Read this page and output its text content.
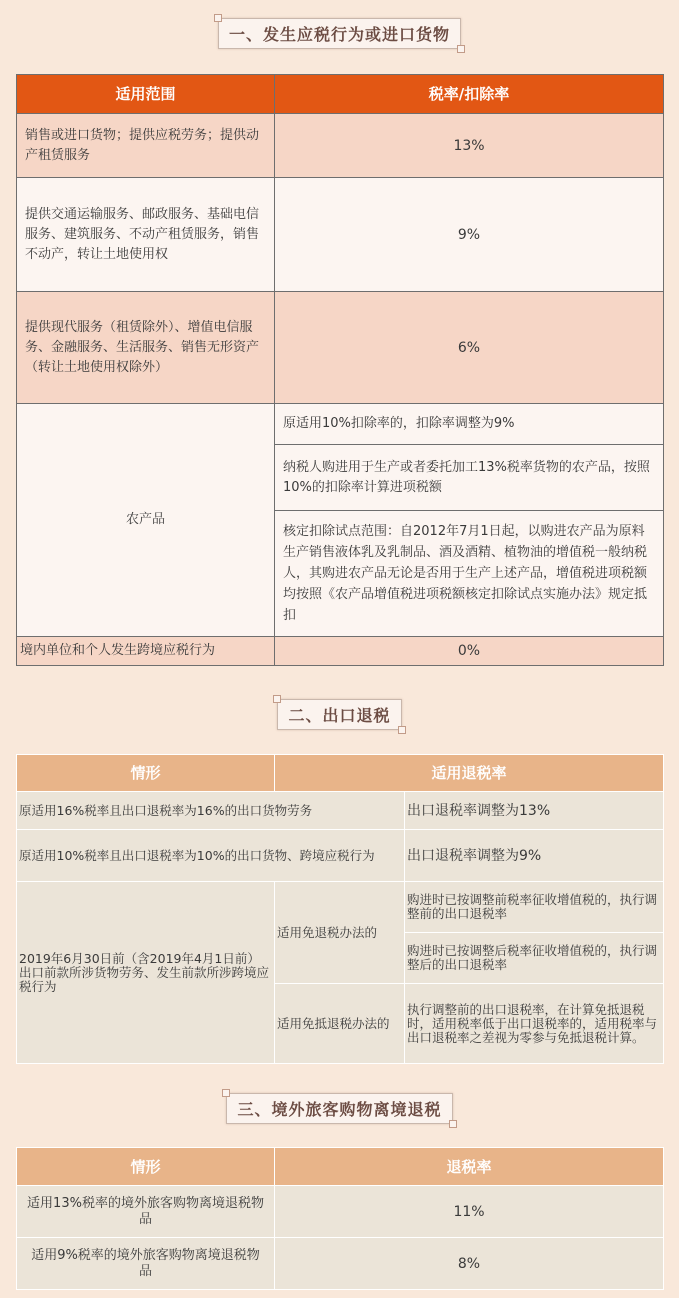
一、发生应税行为或进口货物
适用范围	税率/扣除率
销售或进口货物；提供应税劳务；提供动产租赁服务	13%
提供交通运输服务、邮政服务、基础电信服务、建筑服务、不动产租赁服务，销售不动产，转让土地使用权	9%
提供现代服务（租赁除外）、增值电信服务、金融服务、生活服务、销售无形资产（转让土地使用权除外）	6%
农产品	原适用10%扣除率的，扣除率调整为9%
	纳税人购进用于生产或者委托加工13%税率货物的农产品，按照10%的扣除率计算进项税额
	核定扣除试点范围：自2012年7月1日起，以购进农产品为原料生产销售液体乳及乳制品、酒及酒精、植物油的增值税一般纳税人，其购进农产品无论是否用于生产上述产品，增值税进项税额均按照《农产品增值税进项税额核定扣除试点实施办法》规定抵扣
境内单位和个人发生跨境应税行为	0%
二、出口退税
情形	适用退税率	
原适用16%税率且出口退税率为16%的出口货物劳务		出口退税率调整为13%
原适用10%税率且出口退税率为10%的出口货物、跨境应税行为		出口退税率调整为9%
2019年6月30日前（含2019年4月1日前）出口前款所涉货物劳务、发生前款所涉跨境应税行为	适用免退税办法的	购进时已按调整前税率征收增值税的，执行调整前的出口退税率
		购进时已按调整后税率征收增值税的，执行调整后的出口退税率
	适用免抵退税办法的	执行调整前的出口退税率，在计算免抵退税时，适用税率低于出口退税率的，适用税率与出口退税率之差视为零参与免抵退税计算。
三、境外旅客购物离境退税
情形	退税率
适用13%税率的境外旅客购物离境退税物品	11%
适用9%税率的境外旅客购物离境退税物品	8%
